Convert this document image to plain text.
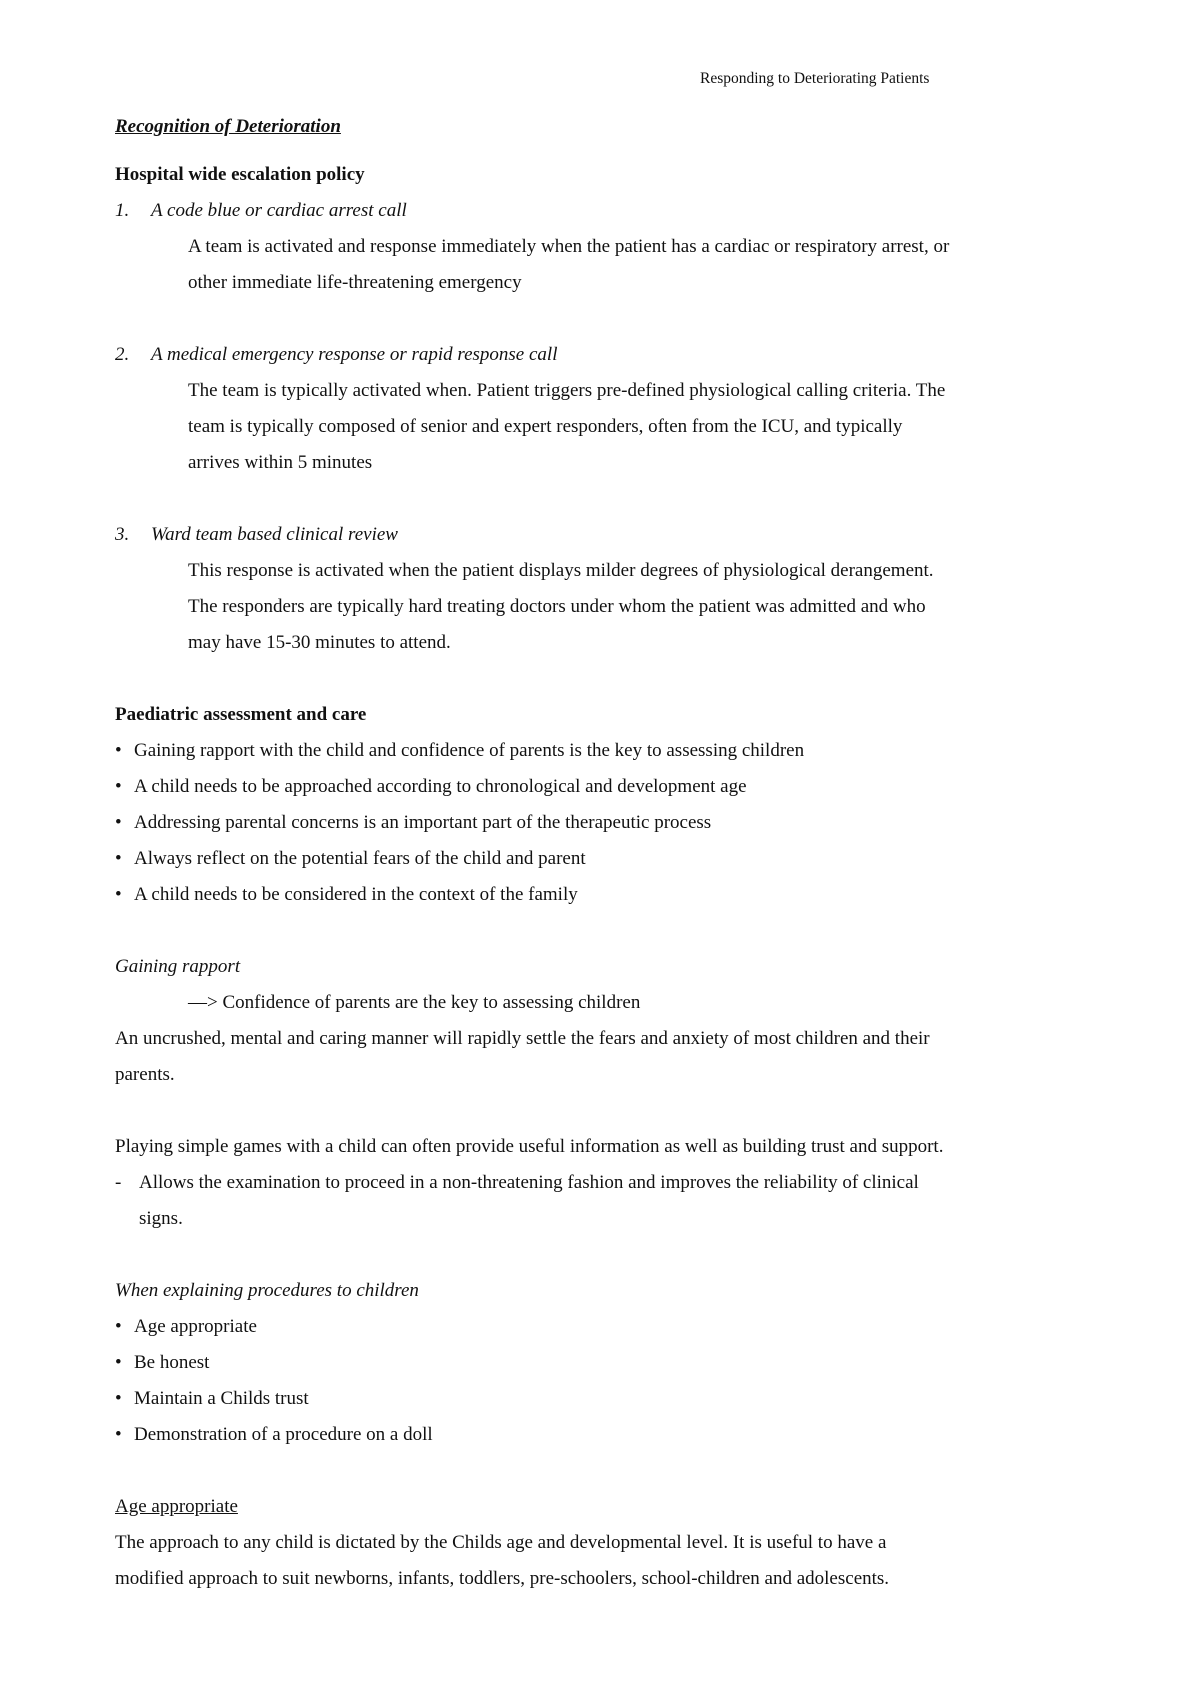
Responding to Deteriorating Patients
Recognition of Deterioration
Hospital wide escalation policy
1. A code blue or cardiac arrest call
A team is activated and response immediately when the patient has a cardiac or respiratory arrest, or
other immediate life-threatening emergency
2. A medical emergency response or rapid response call
The team is typically activated when. Patient triggers pre-defined physiological calling criteria. The
team is typically composed of senior and expert responders, often from the ICU, and typically
arrives within 5 minutes
3. Ward team based clinical review
This response is activated when the patient displays milder degrees of physiological derangement.
The responders are typically hard treating doctors under whom the patient was admitted and who
may have 15-30 minutes to attend.
Paediatric assessment and care
• Gaining rapport with the child and confidence of parents is the key to assessing children
• A child needs to be approached according to chronological and development age
• Addressing parental concerns is an important part of the therapeutic process
• Always reflect on the potential fears of the child and parent
• A child needs to be considered in the context of the family
Gaining rapport
—> Confidence of parents are the key to assessing children
An uncrushed, mental and caring manner will rapidly settle the fears and anxiety of most children and their
parents.
Playing simple games with a child can often provide useful information as well as building trust and support.
- Allows the examination to proceed in a non-threatening fashion and improves the reliability of clinical
signs.
When explaining procedures to children
• Age appropriate
• Be honest
• Maintain a Childs trust
• Demonstration of a procedure on a doll
Age appropriate
The approach to any child is dictated by the Childs age and developmental level. It is useful to have a
modified approach to suit newborns, infants, toddlers, pre-schoolers, school-children and adolescents.
